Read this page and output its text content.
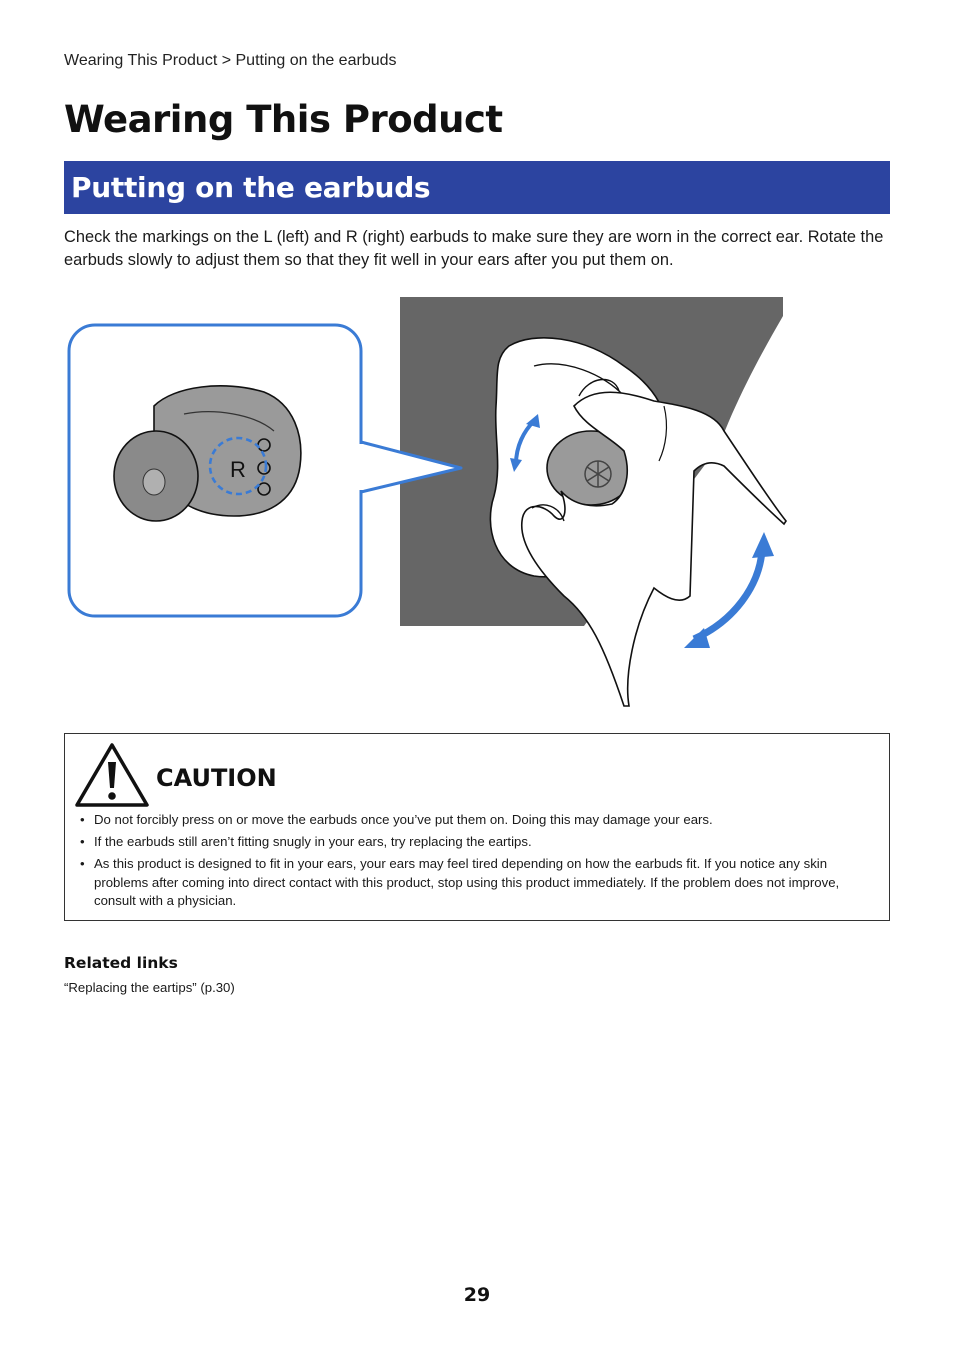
Wearing This Product > Putting on the earbuds
Wearing This Product
Putting on the earbuds

Check the markings on the L (left) and R (right) earbuds to make sure they are worn in the correct ear. Rotate the earbuds slowly to adjust them so that they fit well in your ears after you put them on.

R
CAUTION
• Do not forcibly press on or move the earbuds once you’ve put them on. Doing this may damage your ears.
• If the earbuds still aren’t fitting snugly in your ears, try replacing the eartips.
• As this product is designed to fit in your ears, your ears may feel tired depending on how the earbuds fit. If you notice any skin problems after coming into direct contact with this product, stop using this product immediately. If the problem does not improve, consult with a physician.
Related links
“Replacing the eartips” (p.30)
29
